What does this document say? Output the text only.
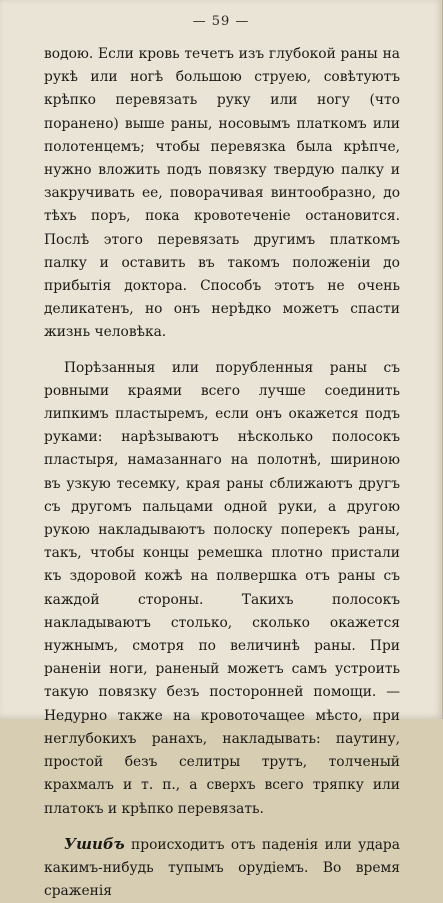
— 59 —

водою. Если кровь течетъ изъ глубокой раны на рукѣ или ногѣ большою струею, совѣтуютъ крѣпко перевязать руку или ногу (что поранено) выше раны, носовымъ платкомъ или полотенцемъ; чтобы перевязка была крѣпче, нужно вложить подъ повязку твердую палку и закручивать ее, поворачивая винтообразно, до тѣхъ поръ, пока кровотеченіе остановится. Послѣ этого перевязать другимъ платкомъ палку и оставить въ такомъ положеніи до прибытія доктора. Способъ этотъ не очень деликатенъ, но онъ нерѣдко можетъ спасти жизнь человѣка.

Порѣзанныя или порубленныя раны съ ровными краями всего лучше соединить липкимъ пластыремъ, если онъ окажется подъ руками: нарѣзываютъ нѣсколько полосокъ пластыря, намазаннаго на полотнѣ, шириною въ узкую тесемку, края раны сближаютъ другъ съ другомъ пальцами одной руки, а другою рукою накладываютъ полоску поперекъ раны, такъ, чтобы концы ремешка плотно пристали къ здоровой кожѣ на полвершка отъ раны съ каждой стороны. Такихъ полосокъ накладываютъ столько, сколько окажется нужнымъ, смотря по величинѣ раны. При раненіи ноги, раненый можетъ самъ устроить такую повязку безъ посторонней помощи. — Недурно также на кровоточащее мѣсто, при неглубокихъ ранахъ, накладывать: паутину, простой безъ селитры трутъ, толченый крахмалъ и т. п., а сверхъ всего тряпку или платокъ и крѣпко перевязать.

Ушибъ происходитъ отъ паденія или удара какимъ-нибудь тупымъ орудіемъ. Во время сраженія
